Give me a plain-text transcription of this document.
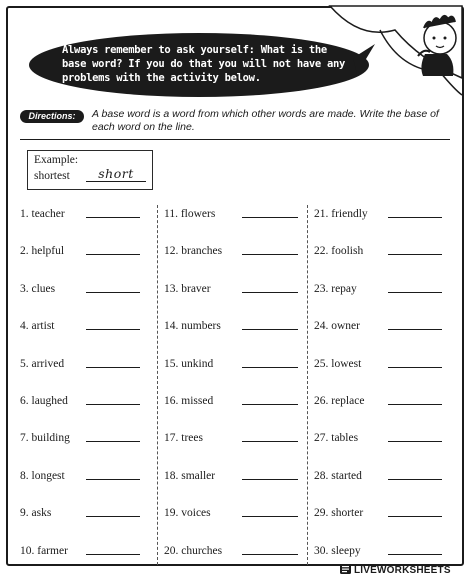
Always remember to ask yourself: What is the base word? If you do that you will not have any problems with the activity below.
Directions:	A base word is a word from which other words are made. Write the base of each word on the line.
Example:
shortest	short
1. teacher
2. helpful
3. clues
4. artist
5. arrived
6. laughed
7. building
8. longest
9. asks
10. farmer
11. flowers
12. branches
13. braver
14. numbers
15. unkind
16. missed
17. trees
18. smaller
19. voices
20. churches
21. friendly
22. foolish
23. repay
24. owner
25. lowest
26. replace
27. tables
28. started
29. shorter
30. sleepy
LIVEWORKSHEETS
